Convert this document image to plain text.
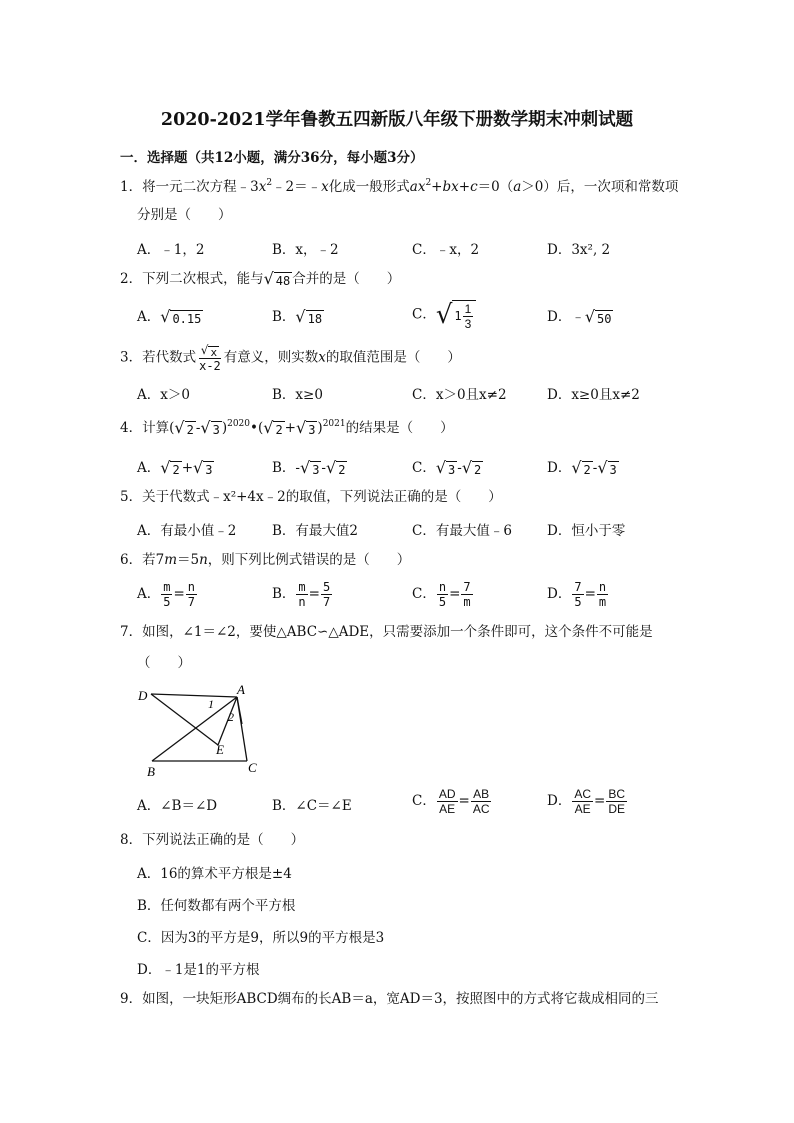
2020-2021学年鲁教五四新版八年级下册数学期末冲刺试题
一．选择题（共12小题，满分36分，每小题3分）
1．将一元二次方程$﹣3x^2﹣2=﹣x$化成一般形式$ax^2+bx+c=0(a>0)$后，一次项和常数项
分别是（　　）
A．﹣1，2	B．x，﹣2	C．﹣x，2	D．3x², 2
2．下列二次根式，能与 √ 48 合并的是（　　）
A． √ 0.15	B． √ 18	C． √ $1 \frac{1}{3}$	D．﹣ √ 50
3．若代数式 $\frac{√ x}{x-2}$ 有意义，则实数x的取值范围是（　　）
A．x＞0	B．x≥0	C．x＞0且x≠2	D．x≥0且x≠2
4．计算( √ 2 - √ 3 )$^{2020}$•( √ 2 + √ 3 )$^{2021}$的结果是（　　）
A． √ 2 + √ 3	B．- √ 3 - √ 2	C． √ 3 - √ 2	D． √ 2 - √ 3
5．关于代数式﹣x²+4x﹣2的取值，下列说法正确的是（　　）
A．有最小值﹣2	B．有最大值2	C．有最大值﹣6	D．恒小于零
6．若7m＝5n，则下列比例式错误的是（　　）
A． $\frac{m}{5} = \frac{n}{7}$	B． $\frac{m}{n} = \frac{5}{7}$	C． $\frac{n}{5} = \frac{7}{m}$	D． $\frac{7}{5} = \frac{n}{m}$
7．如图，∠1＝∠2，要使△ABC∽△ADE，只需要添加一个条件即可，这个条件不可能是
（　　）
D	A
1
2
E
B	C
A．∠B＝∠D	B．∠C＝∠E	C． $\frac{AD}{AE} = \frac{AB}{AC}$	D． $\frac{AC}{AE} = \frac{BC}{DE}$
8．下列说法正确的是（　　）
A．16的算术平方根是±4
B．任何数都有两个平方根
C．因为3的平方是9，所以9的平方根是3
D．﹣1是1的平方根
9．如图，一块矩形ABCD绸布的长AB＝a，宽AD＝3，按照图中的方式将它裁成相同的三
